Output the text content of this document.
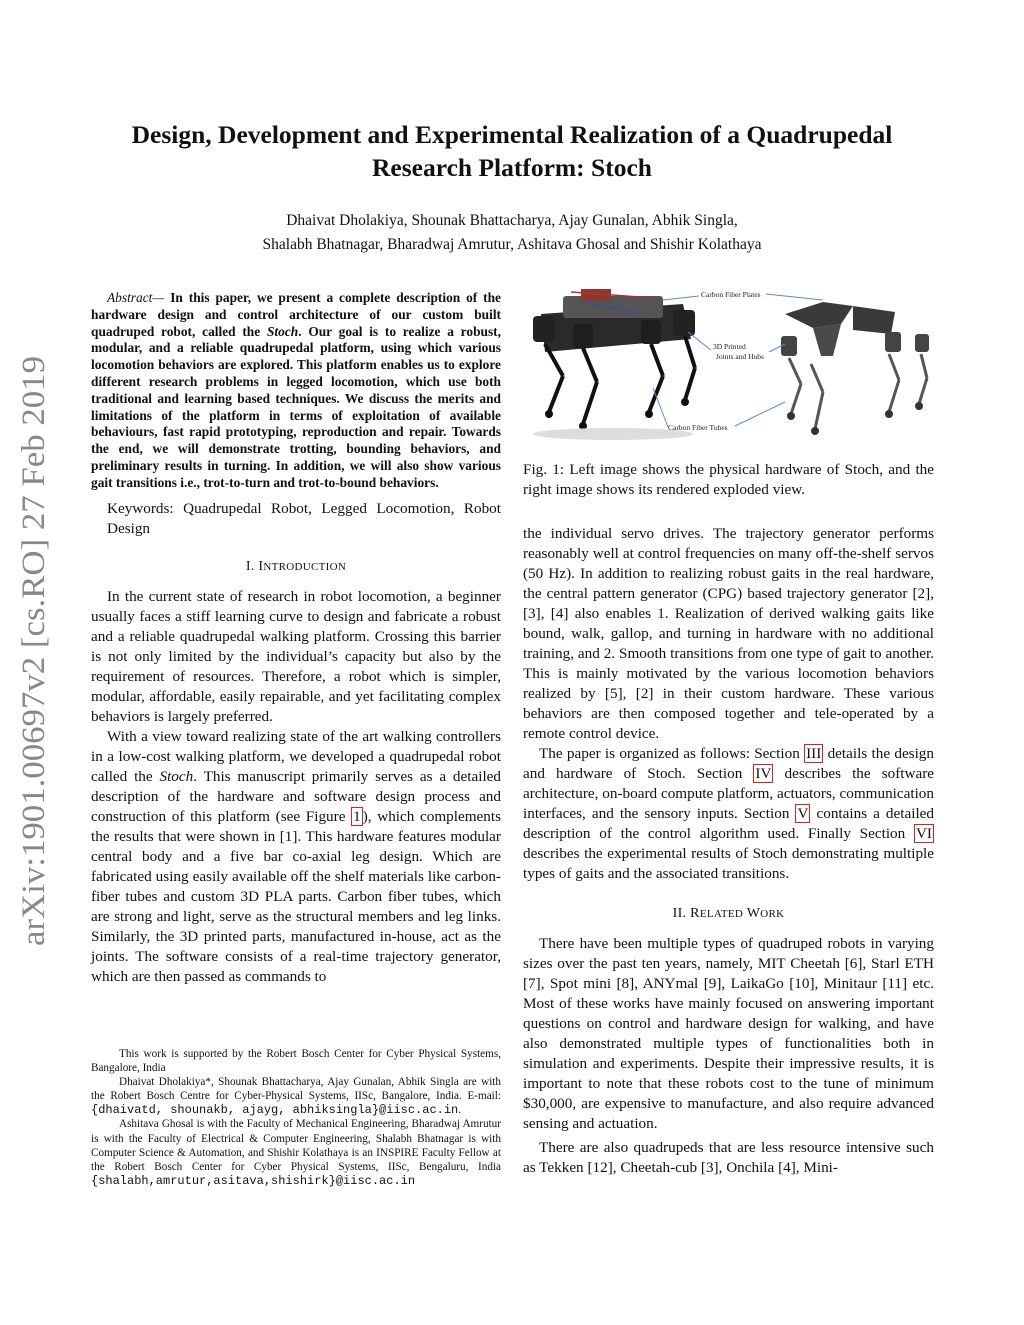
arXiv:1901.00697v2 [cs.RO] 27 Feb 2019
Design, Development and Experimental Realization of a Quadrupedal
Research Platform: Stoch
Dhaivat Dholakiya, Shounak Bhattacharya, Ajay Gunalan, Abhik Singla,
Shalabh Bhatnagar, Bharadwaj Amrutur, Ashitava Ghosal and Shishir Kolathaya

Abstract— In this paper, we present a complete description of the hardware design and control architecture of our custom built quadruped robot, called the Stoch. Our goal is to realize a robust, modular, and a reliable quadrupedal platform, using which various locomotion behaviors are explored. This platform enables us to explore different research problems in legged locomotion, which use both traditional and learning based techniques. We discuss the merits and limitations of the platform in terms of exploitation of available behaviours, fast rapid prototyping, reproduction and repair. Towards the end, we will demonstrate trotting, bounding behaviors, and preliminary results in turning. In addition, we will also show various gait transitions i.e., trot-to-turn and trot-to-bound behaviors.

Keywords: Quadrupedal Robot, Legged Locomotion, Robot Design

I. INTRODUCTION

In the current state of research in robot locomotion, a beginner usually faces a stiff learning curve to design and fabricate a robust and a reliable quadrupedal walking platform. Crossing this barrier is not only limited by the individual’s capacity but also by the requirement of resources. Therefore, a robot which is simpler, modular, affordable, easily repairable, and yet facilitating complex behaviors is largely preferred.

With a view toward realizing state of the art walking controllers in a low-cost walking platform, we developed a quadrupedal robot called the Stoch. This manuscript primarily serves as a detailed description of the hardware and software design process and construction of this platform (see Figure 1 ), which complements the results that were shown in [1]. This hardware features modular central body and a five bar co-axial leg design. Which are fabricated using easily available off the shelf materials like carbon-fiber tubes and custom 3D PLA parts. Carbon fiber tubes, which are strong and light, serve as the structural members and leg links. Similarly, the 3D printed parts, manufactured in-house, act as the joints. The software consists of a real-time trajectory generator, which are then passed as commands to

This work is supported by the Robert Bosch Center for Cyber Physical Systems, Bangalore, India

Dhaivat Dholakiya*, Shounak Bhattacharya, Ajay Gunalan, Abhik Singla are with the Robert Bosch Centre for Cyber-Physical Systems, IISc, Bangalore, India. E-mail: {dhaivatd, shounakb, ajayg, abhiksingla}@iisc.ac.in.

Ashitava Ghosal is with the Faculty of Mechanical Engineering, Bharadwaj Amrutur is with the Faculty of Electrical & Computer Engineering, Shalabh Bhatnagar is with Computer Science & Automation, and Shishir Kolathaya is an INSPIRE Faculty Fellow at the Robert Bosch Center for Cyber Physical Systems, IISc, Bengaluru, India {shalabh,amrutur,asitava,shishirk}@iisc.ac.in

Carbon Fiber Plates
3D Printed
Joints and Hubs
Carbon Fiber Tubes

Fig. 1: Left image shows the physical hardware of Stoch, and the right image shows its rendered exploded view.

the individual servo drives. The trajectory generator performs reasonably well at control frequencies on many off-the-shelf servos (50 Hz). In addition to realizing robust gaits in the real hardware, the central pattern generator (CPG) based trajectory generator [2], [3], [4] also enables 1. Realization of derived walking gaits like bound, walk, gallop, and turning in hardware with no additional training, and 2. Smooth transitions from one type of gait to another. This is mainly motivated by the various locomotion behaviors realized by [5], [2] in their custom hardware. These various behaviors are then composed together and tele-operated by a remote control device.

The paper is organized as follows: Section III details the design and hardware of Stoch. Section IV describes the software architecture, on-board compute platform, actuators, communication interfaces, and the sensory inputs. Section V contains a detailed description of the control algorithm used. Finally Section VI describes the experimental results of Stoch demonstrating multiple types of gaits and the associated transitions.

II. RELATED WORK

There have been multiple types of quadruped robots in varying sizes over the past ten years, namely, MIT Cheetah [6], Starl ETH [7], Spot mini [8], ANYmal [9], LaikaGo [10], Minitaur [11] etc. Most of these works have mainly focused on answering important questions on control and hardware design for walking, and have also demonstrated multiple types of functionalities both in simulation and experiments. Despite their impressive results, it is important to note that these robots cost to the tune of minimum $30,000, are expensive to manufacture, and also require advanced sensing and actuation.

There are also quadrupeds that are less resource intensive such as Tekken [12], Cheetah-cub [3], Onchila [4], Mini-
